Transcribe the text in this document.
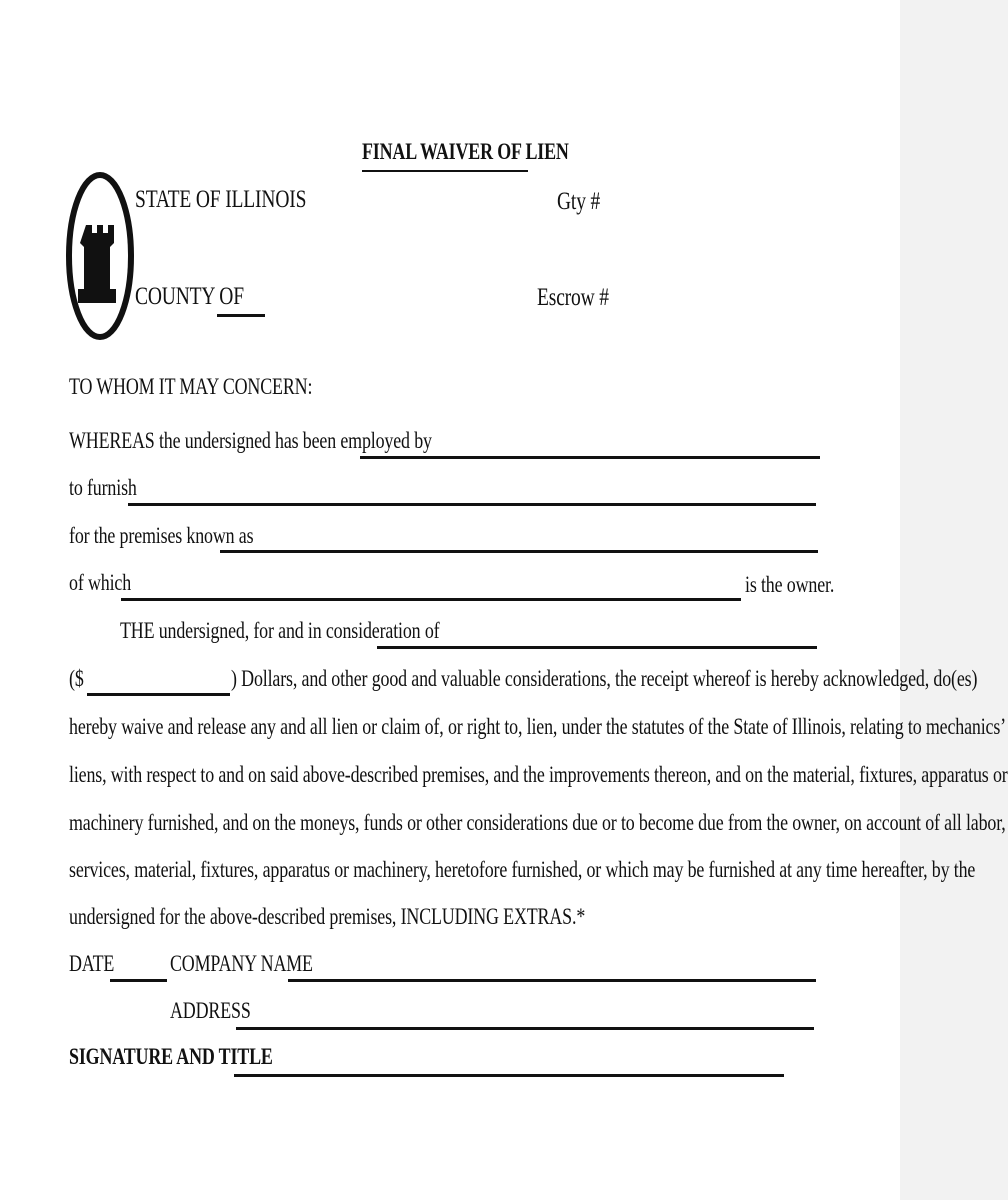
FINAL WAIVER OF LIEN
STATE OF ILLINOIS	Gty #
COUNTY OF	Escrow #
TO WHOM IT MAY CONCERN:
WHEREAS the undersigned has been employed by
to furnish
for the premises known as
of which	is the owner.
THE undersigned, for and in consideration of
($	) Dollars, and other good and valuable considerations, the receipt whereof is hereby acknowledged, do(es)
hereby waive and release any and all lien or claim of, or right to, lien, under the statutes of the State of Illinois, relating to mechanics’
liens, with respect to and on said above-described premises, and the improvements thereon, and on the material, fixtures, apparatus or
machinery furnished, and on the moneys, funds or other considerations due or to become due from the owner, on account of all labor,
services, material, fixtures, apparatus or machinery, heretofore furnished, or which may be furnished at any time hereafter, by the
undersigned for the above-described premises, INCLUDING EXTRAS.*
DATE COMPANY NAME
ADDRESS
SIGNATURE AND TITLE
